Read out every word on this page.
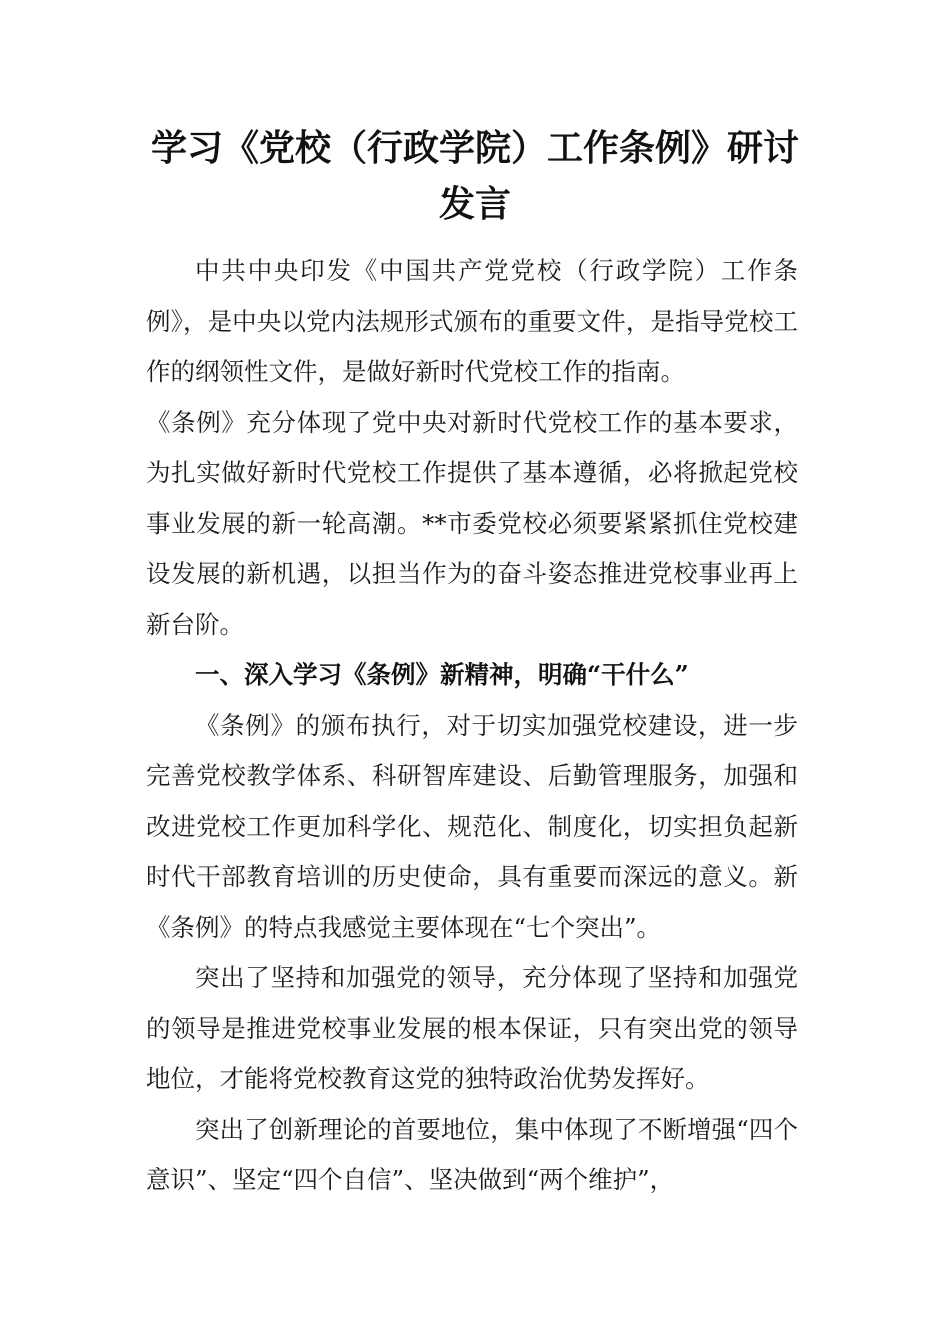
学习《党校（行政学院）工作条例》研讨发言

中共中央印发《中国共产党党校（行政学院）工作条例》，是中央以党内法规形式颁布的重要文件，是指导党校工作的纲领性文件，是做好新时代党校工作的指南。

《条例》充分体现了党中央对新时代党校工作的基本要求，为扎实做好新时代党校工作提供了基本遵循，必将掀起党校事业发展的新一轮高潮。**市委党校必须要紧紧抓住党校建设发展的新机遇，以担当作为的奋斗姿态推进党校事业再上新台阶。

一、深入学习《条例》新精神，明确“干什么”

《条例》的颁布执行，对于切实加强党校建设，进一步完善党校教学体系、科研智库建设、后勤管理服务，加强和改进党校工作更加科学化、规范化、制度化，切实担负起新时代干部教育培训的历史使命，具有重要而深远的意义。新《条例》的特点我感觉主要体现在“七个突出”。

突出了坚持和加强党的领导，充分体现了坚持和加强党的领导是推进党校事业发展的根本保证，只有突出党的领导地位，才能将党校教育这党的独特政治优势发挥好。

突出了创新理论的首要地位，集中体现了不断增强“四个意识”、坚定“四个自信”、坚决做到“两个维护”，
